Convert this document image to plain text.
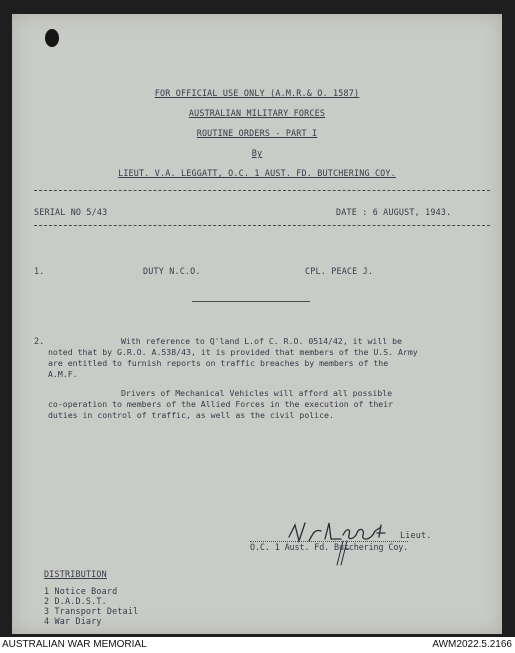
FOR OFFICIAL USE ONLY (A.M.R.& O. 1587)
AUSTRALIAN MILITARY FORCES
ROUTINE ORDERS - PART I
By
LIEUT. V.A. LEGGATT, O.C. 1 AUST. FD. BUTCHERING COY.
SERIAL NO 5/43	DATE : 6 AUGUST, 1943.
1.	DUTY N.C.O.	CPL. PEACE J.
2.	With reference to Q'land L.of C. R.O. 0514/42, it will be
noted that by G.R.O. A.538/43, it is provided that members of the U.S. Army
are entitled to furnish reports on traffic breaches by members of the
A.M.F.
Drivers of Mechanical Vehicles will afford all possible
co-operation to members of the Allied Forces in the execution of their
duties in control of traffic, as well as the civil police.
Lieut.
O.C. 1 Aust. Fd. Butchering Coy.
DISTRIBUTION
1 Notice Board
2 D.A.D.S.T.
3 Transport Detail
4 War Diary
AUSTRALIAN WAR MEMORIAL	AWM2022.5.2166
